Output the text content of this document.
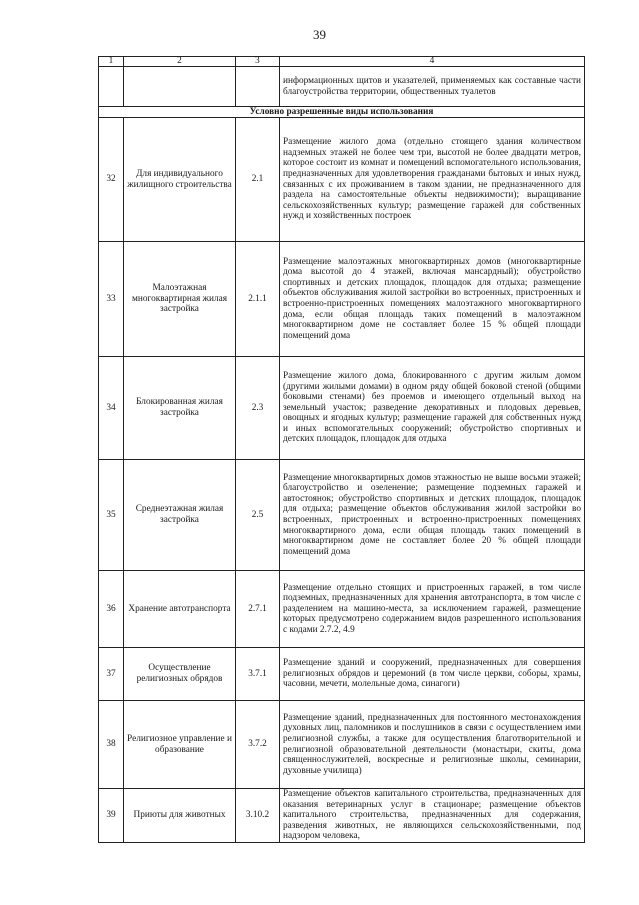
39
1	2	3	4
			информационных щитов и указателей, применяемых как составные части благоустройства территории, общественных туалетов
Условно разрешенные виды использования			
32	Для индивидуального жилищного строительства	2.1	Размещение жилого дома (отдельно стоящего здания количеством надземных этажей не более чем три, высотой не более двадцати метров, которое состоит из комнат и помещений вспомогательного использования, предназначенных для удовлетворения гражданами бытовых и иных нужд, связанных с их проживанием в таком здании, не предназначенного для раздела на самостоятельные объекты недвижимости); выращивание сельскохозяйственных культур; размещение гаражей для собственных нужд и хозяйственных построек
33	Малоэтажная многоквартирная жилая застройка	2.1.1	Размещение малоэтажных многоквартирных домов (многоквартирные дома высотой до 4 этажей, включая мансардный); обустройство спортивных и детских площадок, площадок для отдыха; размещение объектов обслуживания жилой застройки во встроенных, пристроенных и встроенно-пристроенных помещениях малоэтажного многоквартирного дома, если общая площадь таких помещений в малоэтажном многоквартирном доме не составляет более 15 % общей площади помещений дома
34	Блокированная жилая застройка	2.3	Размещение жилого дома, блокированного с другим жилым домом (другими жилыми домами) в одном ряду общей боковой стеной (общими боковыми стенами) без проемов и имеющего отдельный выход на земельный участок; разведение декоративных и плодовых деревьев, овощных и ягодных культур; размещение гаражей для собственных нужд и иных вспомогательных сооружений; обустройство спортивных и детских площадок, площадок для отдыха
35	Среднеэтажная жилая застройка	2.5	Размещение многоквартирных домов этажностью не выше восьми этажей; благоустройство и озеленение; размещение подземных гаражей и автостоянок; обустройство спортивных и детских площадок, площадок для отдыха; размещение объектов обслуживания жилой застройки во встроенных, пристроенных и встроенно-пристроенных помещениях многоквартирного дома, если общая площадь таких помещений в многоквартирном доме не составляет более 20 % общей площади помещений дома
36	Хранение автотранспорта	2.7.1	Размещение отдельно стоящих и пристроенных гаражей, в том числе подземных, предназначенных для хранения автотранспорта, в том числе с разделением на машино-места, за исключением гаражей, размещение которых предусмотрено содержанием видов разрешенного использования с кодами 2.7.2, 4.9
37	Осуществление религиозных обрядов	3.7.1	Размещение зданий и сооружений, предназначенных для совершения религиозных обрядов и церемоний (в том числе церкви, соборы, храмы, часовни, мечети, молельные дома, синагоги)
38	Религиозное управление и образование	3.7.2	Размещение зданий, предназначенных для постоянного местонахождения духовных лиц, паломников и послушников в связи с осуществлением ими религиозной службы, а также для осуществления благотворительной и религиозной образовательной деятельности (монастыри, скиты, дома священнослужителей, воскресные и религиозные школы, семинарии, духовные училища)
39	Приюты для животных	3.10.2	Размещение объектов капитального строительства, предназначенных для оказания ветеринарных услуг в стационаре; размещение объектов капитального строительства, предназначенных для содержания, разведения животных, не являющихся сельскохозяйственными, под надзором человека,
